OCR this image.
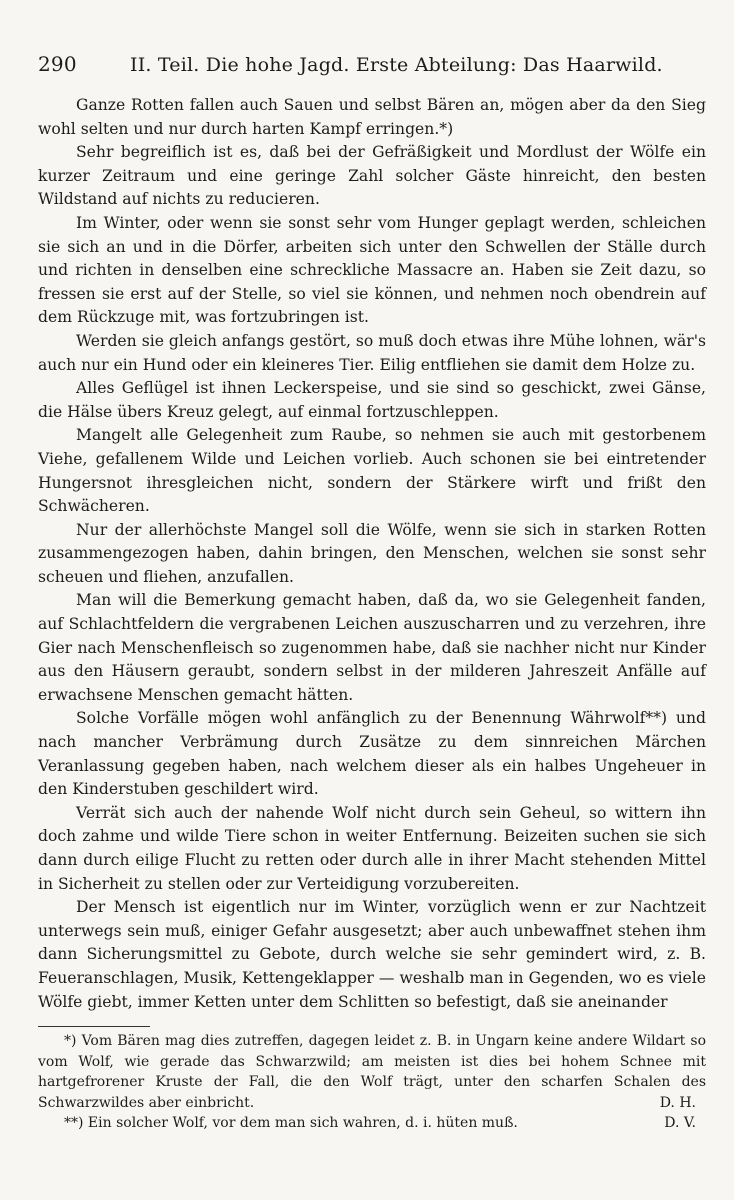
290	II. Teil. Die hohe Jagd. Erste Abteilung: Das Haarwild.

Ganze Rotten fallen auch Sauen und selbst Bären an, mögen aber da den Sieg wohl selten und nur durch harten Kampf erringen.*)

Sehr begreiflich ist es, daß bei der Gefräßigkeit und Mordlust der Wölfe ein kurzer Zeitraum und eine geringe Zahl solcher Gäste hinreicht, den besten Wildstand auf nichts zu reducieren.

Im Winter, oder wenn sie sonst sehr vom Hunger geplagt werden, schleichen sie sich an und in die Dörfer, arbeiten sich unter den Schwellen der Ställe durch und richten in denselben eine schreckliche Massacre an. Haben sie Zeit dazu, so fressen sie erst auf der Stelle, so viel sie können, und nehmen noch obendrein auf dem Rückzuge mit, was fortzubringen ist.

Werden sie gleich anfangs gestört, so muß doch etwas ihre Mühe lohnen, wär's auch nur ein Hund oder ein kleineres Tier. Eilig entfliehen sie damit dem Holze zu.

Alles Geflügel ist ihnen Leckerspeise, und sie sind so geschickt, zwei Gänse, die Hälse übers Kreuz gelegt, auf einmal fortzuschleppen.

Mangelt alle Gelegenheit zum Raube, so nehmen sie auch mit gestorbenem Viehe, gefallenem Wilde und Leichen vorlieb. Auch schonen sie bei eintretender Hungersnot ihresgleichen nicht, sondern der Stärkere wirft und frißt den Schwächeren.

Nur der allerhöchste Mangel soll die Wölfe, wenn sie sich in starken Rotten zusammengezogen haben, dahin bringen, den Menschen, welchen sie sonst sehr scheuen und fliehen, anzufallen.

Man will die Bemerkung gemacht haben, daß da, wo sie Gelegenheit fanden, auf Schlachtfeldern die vergrabenen Leichen auszuscharren und zu verzehren, ihre Gier nach Menschenfleisch so zugenommen habe, daß sie nachher nicht nur Kinder aus den Häusern geraubt, sondern selbst in der milderen Jahreszeit Anfälle auf erwachsene Menschen gemacht hätten.

Solche Vorfälle mögen wohl anfänglich zu der Benennung Währwolf**) und nach mancher Verbrämung durch Zusätze zu dem sinnreichen Märchen Veranlassung gegeben haben, nach welchem dieser als ein halbes Ungeheuer in den Kinderstuben geschildert wird.

Verrät sich auch der nahende Wolf nicht durch sein Geheul, so wittern ihn doch zahme und wilde Tiere schon in weiter Entfernung. Beizeiten suchen sie sich dann durch eilige Flucht zu retten oder durch alle in ihrer Macht stehenden Mittel in Sicherheit zu stellen oder zur Verteidigung vorzubereiten.

Der Mensch ist eigentlich nur im Winter, vorzüglich wenn er zur Nachtzeit unterwegs sein muß, einiger Gefahr ausgesetzt; aber auch unbewaffnet stehen ihm dann Sicherungsmittel zu Gebote, durch welche sie sehr gemindert wird, z. B. Feueranschlagen, Musik, Kettengeklapper — weshalb man in Gegenden, wo es viele Wölfe giebt, immer Ketten unter dem Schlitten so befestigt, daß sie aneinander

*) Vom Bären mag dies zutreffen, dagegen leidet z. B. in Ungarn keine andere Wildart so vom Wolf, wie gerade das Schwarzwild; am meisten ist dies bei hohem Schnee mit hartgefrorener Kruste der Fall, die den Wolf trägt, unter den scharfen Schalen des Schwarzwildes aber einbricht.	D. H.

**) Ein solcher Wolf, vor dem man sich wahren, d. i. hüten muß.	D. V.
